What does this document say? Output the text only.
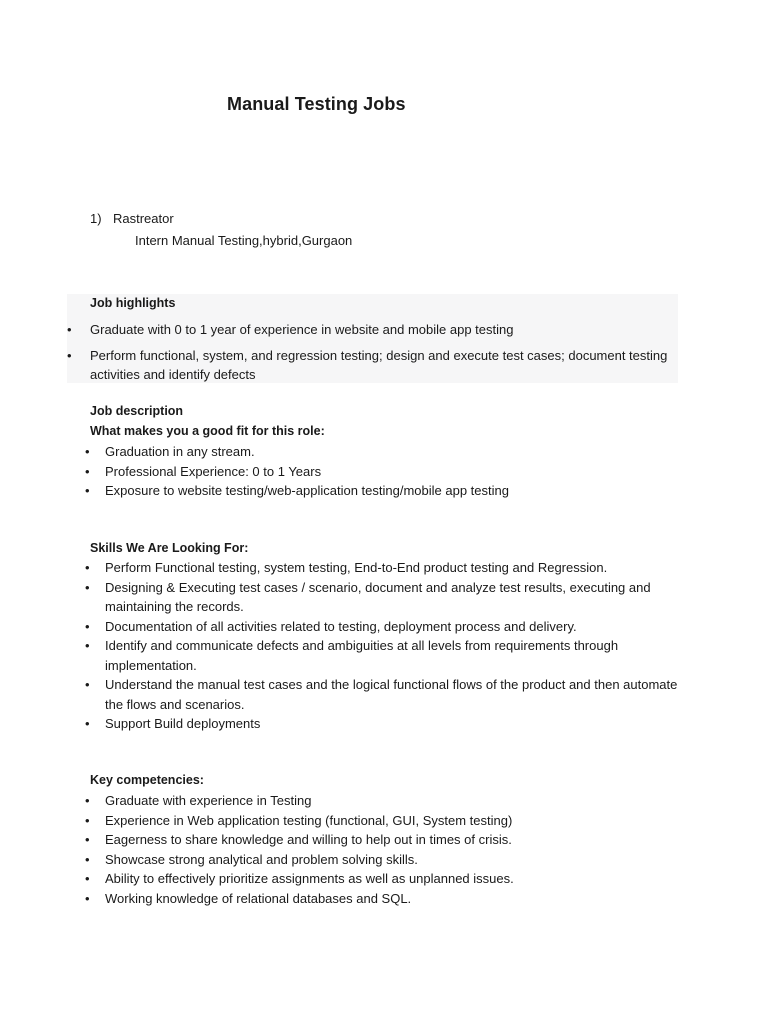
Manual Testing Jobs
1) Rastreator
Intern Manual Testing,hybrid,Gurgaon
Job highlights
• Graduate with 0 to 1 year of experience in website and mobile app testing
• Perform functional, system, and regression testing; design and execute test cases; document testing activities and identify defects
Job description
What makes you a good fit for this role:
• Graduation in any stream.
• Professional Experience: 0 to 1 Years
• Exposure to website testing/web-application testing/mobile app testing
Skills We Are Looking For:
• Perform Functional testing, system testing, End-to-End product testing and Regression.
• Designing & Executing test cases / scenario, document and analyze test results, executing and maintaining the records.
• Documentation of all activities related to testing, deployment process and delivery.
• Identify and communicate defects and ambiguities at all levels from requirements through implementation.
• Understand the manual test cases and the logical functional flows of the product and then automate the flows and scenarios.
• Support Build deployments
Key competencies:
• Graduate with experience in Testing
• Experience in Web application testing (functional, GUI, System testing)
• Eagerness to share knowledge and willing to help out in times of crisis.
• Showcase strong analytical and problem solving skills.
• Ability to effectively prioritize assignments as well as unplanned issues.
• Working knowledge of relational databases and SQL.
